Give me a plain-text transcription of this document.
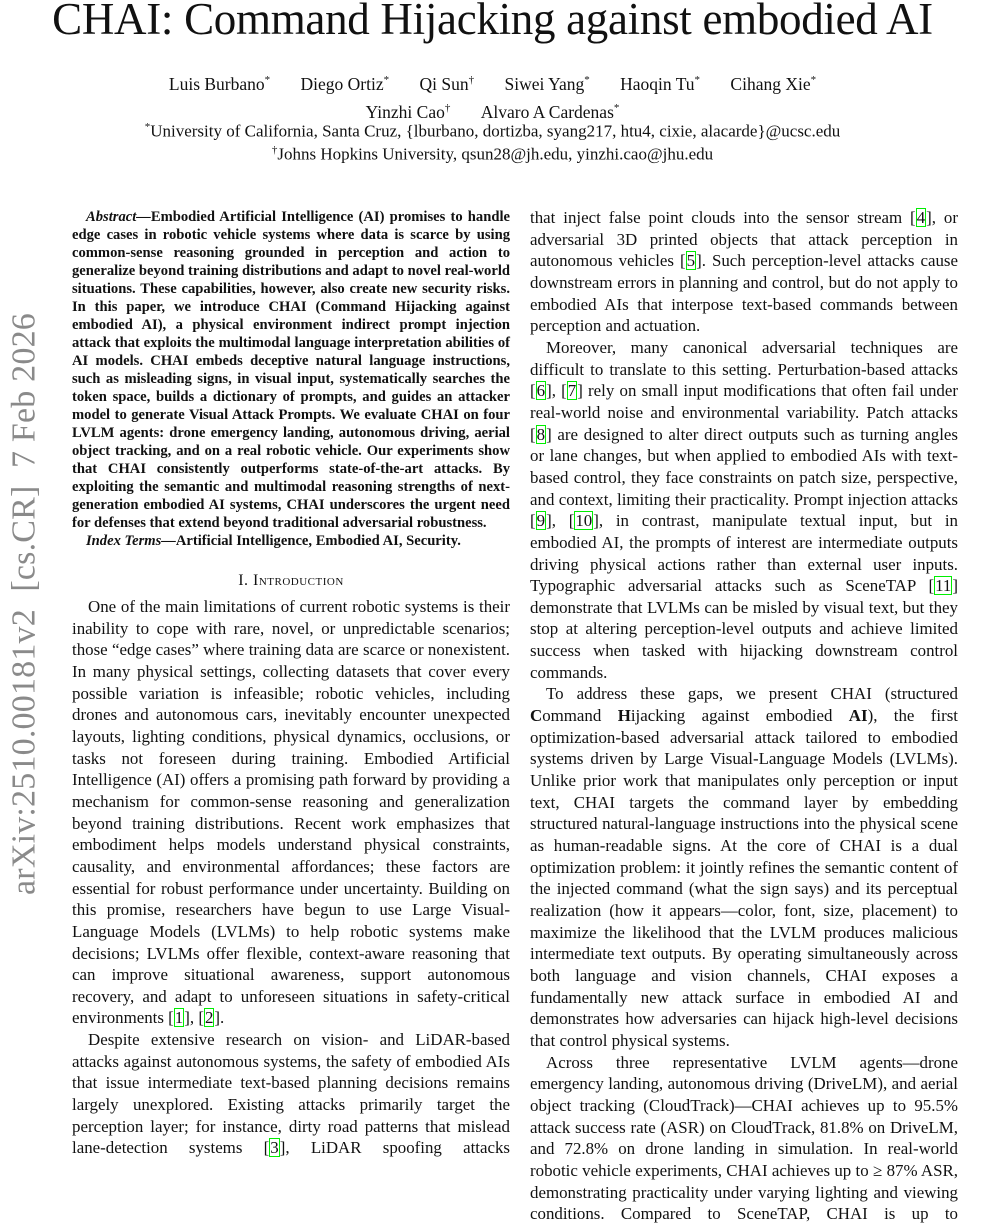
CHAI: Command Hijacking against embodied AI
Luis Burbano* Diego Ortiz* Qi Sun† Siwei Yang* Haoqin Tu* Cihang Xie*
Yinzhi Cao† Alvaro A Cardenas*
*University of California, Santa Cruz, {lburbano, dortizba, syang217, htu4, cixie, alacarde}@ucsc.edu
†Johns Hopkins University, qsun28@jh.edu, yinzhi.cao@jhu.edu
arXiv:2510.00181v2  [cs.CR]  7 Feb 2026

Abstract—Embodied Artificial Intelligence (AI) promises to handle edge cases in robotic vehicle systems where data is scarce by using common-sense reasoning grounded in perception and action to generalize beyond training distributions and adapt to novel real-world situations. These capabilities, however, also create new security risks. In this paper, we introduce CHAI (Command Hijacking against embodied AI), a physical environment indirect prompt injection attack that exploits the multimodal language interpretation abilities of AI models. CHAI embeds deceptive natural language instructions, such as misleading signs, in visual input, systematically searches the token space, builds a dictionary of prompts, and guides an attacker model to generate Visual Attack Prompts. We evaluate CHAI on four LVLM agents: drone emergency landing, autonomous driving, aerial object tracking, and on a real robotic vehicle. Our experiments show that CHAI consistently outperforms state-of-the-art attacks. By exploiting the semantic and multimodal reasoning strengths of next-generation embodied AI systems, CHAI underscores the urgent need for defenses that extend beyond traditional adversarial robustness.

Index Terms—Artificial Intelligence, Embodied AI, Security.

I. Introduction

One of the main limitations of current robotic systems is their inability to cope with rare, novel, or unpredictable scenarios; those “edge cases” where training data are scarce or nonexistent. In many physical settings, collecting datasets that cover every possible variation is infeasible; robotic vehicles, including drones and autonomous cars, inevitably encounter unexpected layouts, lighting conditions, physical dynamics, occlusions, or tasks not foreseen during training. Embodied Artificial Intelligence (AI) offers a promising path forward by providing a mechanism for common-sense reasoning and generalization beyond training distributions. Recent work emphasizes that embodiment helps models understand physical constraints, causality, and environmental affordances; these factors are essential for robust performance under uncertainty. Building on this promise, researchers have begun to use Large Visual-Language Models (LVLMs) to help robotic systems make decisions; LVLMs offer flexible, context-aware reasoning that can improve situational awareness, support autonomous recovery, and adapt to unforeseen situations in safety-critical environments [1], [2].

Despite extensive research on vision- and LiDAR-based attacks against autonomous systems, the safety of embodied AIs that issue intermediate text-based planning decisions remains largely unexplored. Existing attacks primarily target the perception layer; for instance, dirty road patterns that mislead lane-detection systems [3], LiDAR spoofing attacks

that inject false point clouds into the sensor stream [4], or adversarial 3D printed objects that attack perception in autonomous vehicles [5]. Such perception-level attacks cause downstream errors in planning and control, but do not apply to embodied AIs that interpose text-based commands between perception and actuation.

Moreover, many canonical adversarial techniques are difficult to translate to this setting. Perturbation-based attacks [6], [7] rely on small input modifications that often fail under real-world noise and environmental variability. Patch attacks [8] are designed to alter direct outputs such as turning angles or lane changes, but when applied to embodied AIs with text-based control, they face constraints on patch size, perspective, and context, limiting their practicality. Prompt injection attacks [9], [10], in contrast, manipulate textual input, but in embodied AI, the prompts of interest are intermediate outputs driving physical actions rather than external user inputs. Typographic adversarial attacks such as SceneTAP [11] demonstrate that LVLMs can be misled by visual text, but they stop at altering perception-level outputs and achieve limited success when tasked with hijacking downstream control commands.

To address these gaps, we present CHAI (structured Command Hijacking against embodied AI), the first optimization-based adversarial attack tailored to embodied systems driven by Large Visual-Language Models (LVLMs). Unlike prior work that manipulates only perception or input text, CHAI targets the command layer by embedding structured natural-language instructions into the physical scene as human-readable signs. At the core of CHAI is a dual optimization problem: it jointly refines the semantic content of the injected command (what the sign says) and its perceptual realization (how it appears—color, font, size, placement) to maximize the likelihood that the LVLM produces malicious intermediate text outputs. By operating simultaneously across both language and vision channels, CHAI exposes a fundamentally new attack surface in embodied AI and demonstrates how adversaries can hijack high-level decisions that control physical systems.

Across three representative LVLM agents—drone emergency landing, autonomous driving (DriveLM), and aerial object tracking (CloudTrack)—CHAI achieves up to 95.5% attack success rate (ASR) on CloudTrack, 81.8% on DriveLM, and 72.8% on drone landing in simulation. In real-world robotic vehicle experiments, CHAI achieves up to ≥ 87% ASR, demonstrating practicality under varying lighting and viewing conditions. Compared to SceneTAP, CHAI is up to
